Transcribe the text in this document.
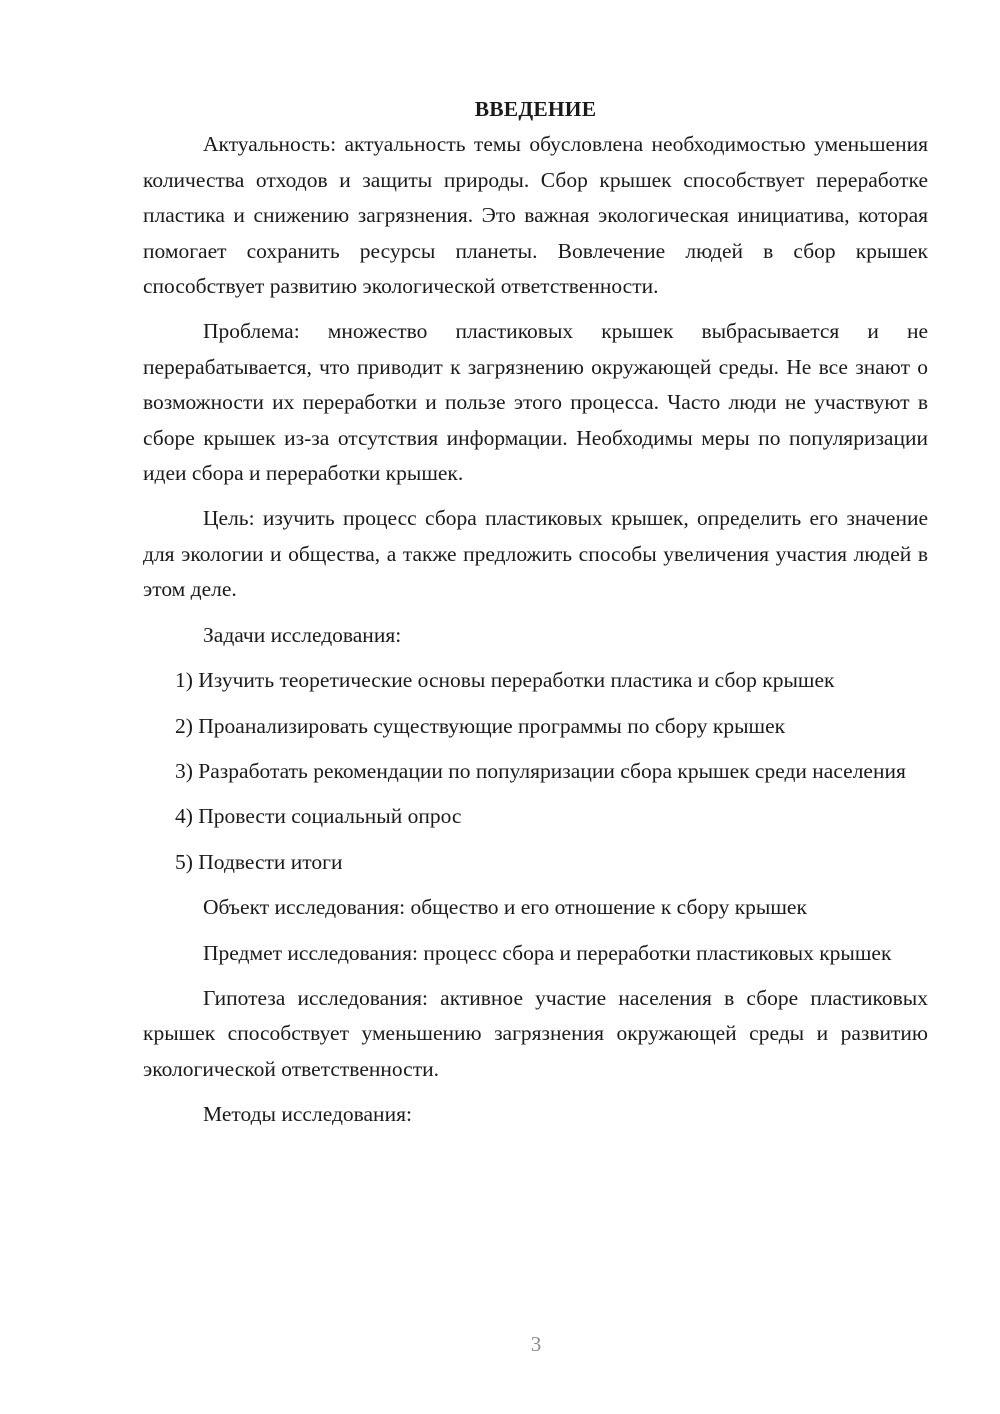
ВВЕДЕНИЕ

Актуальность: актуальность темы обусловлена необходимостью уменьшения количества отходов и защиты природы. Сбор крышек способствует переработке пластика и снижению загрязнения. Это важная экологическая инициатива, которая помогает сохранить ресурсы планеты. Вовлечение людей в сбор крышек способствует развитию экологической ответственности.

Проблема: множество пластиковых крышек выбрасывается и не перерабатывается, что приводит к загрязнению окружающей среды. Не все знают о возможности их переработки и пользе этого процесса. Часто люди не участвуют в сборе крышек из-за отсутствия информации. Необходимы меры по популяризации идеи сбора и переработки крышек.

Цель: изучить процесс сбора пластиковых крышек, определить его значение для экологии и общества, а также предложить способы увеличения участия людей в этом деле.

Задачи исследования:

1) Изучить теоретические основы переработки пластика и сбор крышек

2) Проанализировать существующие программы по сбору крышек

3) Разработать рекомендации по популяризации сбора крышек среди населения

4) Провести социальный опрос

5) Подвести итоги

Объект исследования: общество и его отношение к сбору крышек

Предмет исследования: процесс сбора и переработки пластиковых крышек

Гипотеза исследования: активное участие населения в сборе пластиковых крышек способствует уменьшению загрязнения окружающей среды и развитию экологической ответственности.

Методы исследования:

3
